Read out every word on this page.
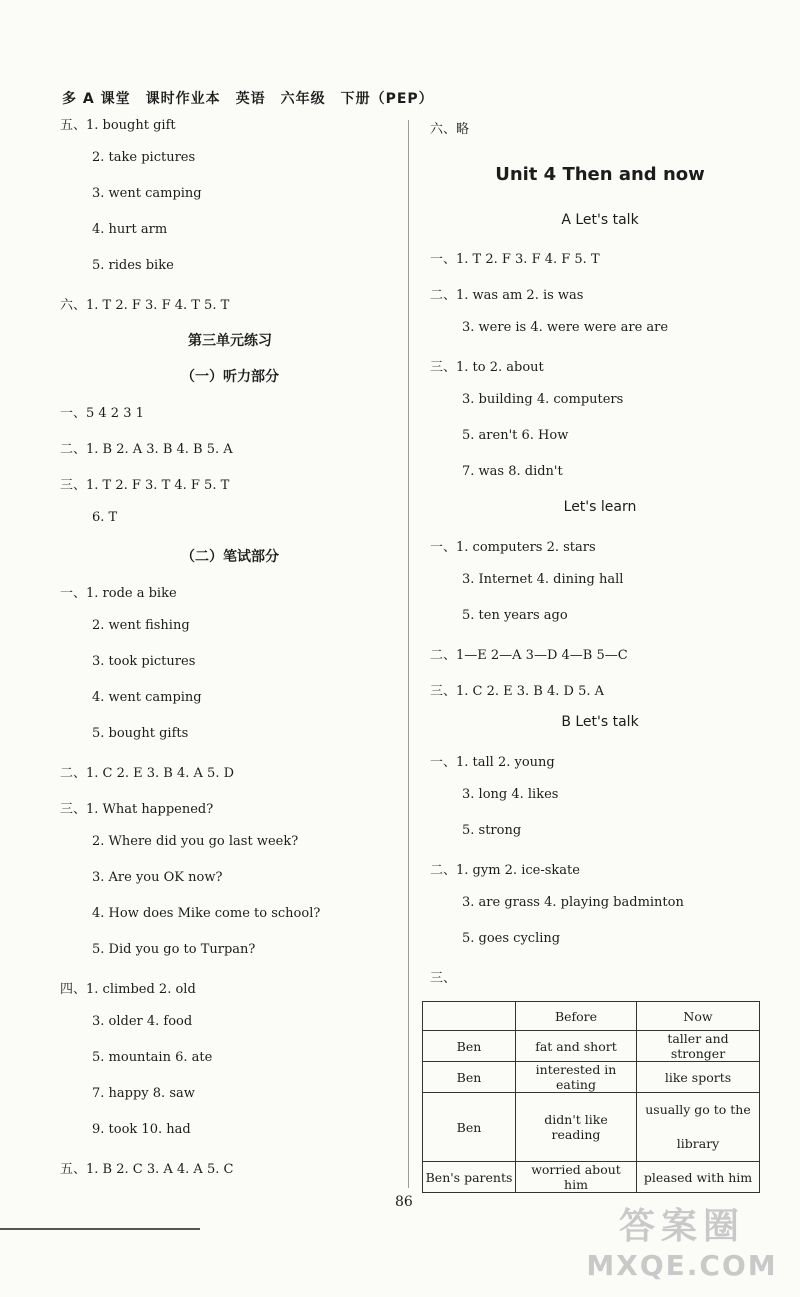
多 A 课堂　课时作业本　英语　六年级　下册（PEP）
五、1. bought gift
2. take pictures
3. went camping
4. hurt arm
5. rides bike
六、1. T 2. F 3. F 4. T 5. T
第三单元练习
（一）听力部分
一、5 4 2 3 1
二、1. B 2. A 3. B 4. B 5. A
三、1. T 2. F 3. T 4. F 5. T
6. T
（二）笔试部分
一、1. rode a bike
2. went fishing
3. took pictures
4. went camping
5. bought gifts
二、1. C 2. E 3. B 4. A 5. D
三、1. What happened?
2. Where did you go last week?
3. Are you OK now?
4. How does Mike come to school?
5. Did you go to Turpan?
四、1. climbed 2. old
3. older 4. food
5. mountain 6. ate
7. happy 8. saw
9. took 10. had
五、1. B 2. C 3. A 4. A 5. C
六、略
Unit 4 Then and now
A Let's talk
一、1. T 2. F 3. F 4. F 5. T
二、1. was am 2. is was
3. were is 4. were were are are
三、1. to 2. about
3. building 4. computers
5. aren't 6. How
7. was 8. didn't
Let's learn
一、1. computers 2. stars
3. Internet 4. dining hall
5. ten years ago
二、1—E 2—A 3—D 4—B 5—C
三、1. C 2. E 3. B 4. D 5. A
B Let's talk
一、1. tall 2. young
3. long 4. likes
5. strong
二、1. gym 2. ice-skate
3. are grass 4. playing badminton
5. goes cycling
三、
	Before	Now
Ben	fat and short	taller and stronger
Ben	interested in eating	like sports
Ben	didn't like reading	usually go to the library
Ben's parents	worried about him	pleased with him
86
答案圈
MXQE.COM
